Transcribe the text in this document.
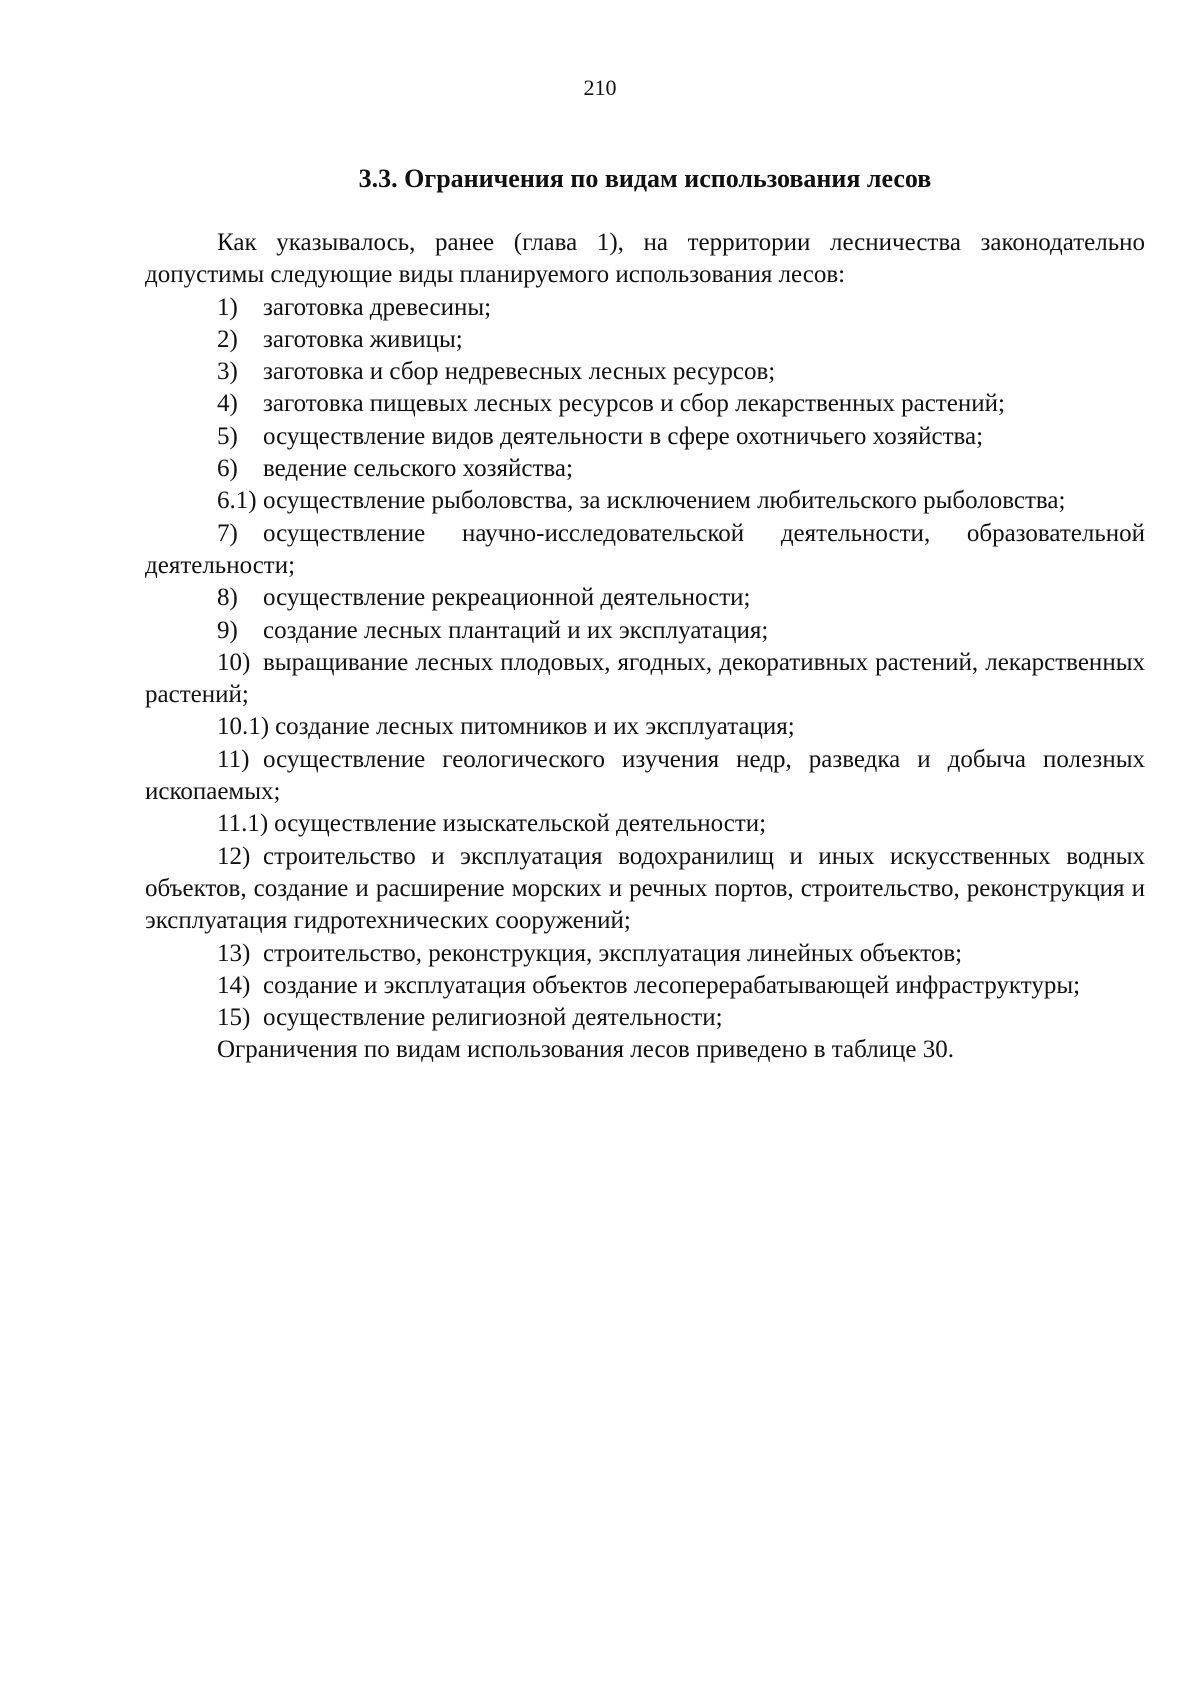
210
3.3. Ограничения по видам использования лесов

Как указывалось, ранее (глава 1), на территории лесничества законодательно допустимы следующие виды планируемого использования лесов:

1) заготовка древесины;

2) заготовка живицы;

3) заготовка и сбор недревесных лесных ресурсов;

4) заготовка пищевых лесных ресурсов и сбор лекарственных растений;

5) осуществление видов деятельности в сфере охотничьего хозяйства;

6) ведение сельского хозяйства;

6.1) осуществление рыболовства, за исключением любительского рыболовства;

7) осуществление научно-исследовательской деятельности, образовательной деятельности;

8) осуществление рекреационной деятельности;

9) создание лесных плантаций и их эксплуатация;

10) выращивание лесных плодовых, ягодных, декоративных растений, лекарственных растений;

10.1) создание лесных питомников и их эксплуатация;

11) осуществление геологического изучения недр, разведка и добыча полезных ископаемых;

11.1) осуществление изыскательской деятельности;

12) строительство и эксплуатация водохранилищ и иных искусственных водных объектов, создание и расширение морских и речных портов, строительство, реконструкция и эксплуатация гидротехнических сооружений;

13) строительство, реконструкция, эксплуатация линейных объектов;

14) создание и эксплуатация объектов лесоперерабатывающей инфраструктуры;

15) осуществление религиозной деятельности;

Ограничения по видам использования лесов приведено в таблице 30.
